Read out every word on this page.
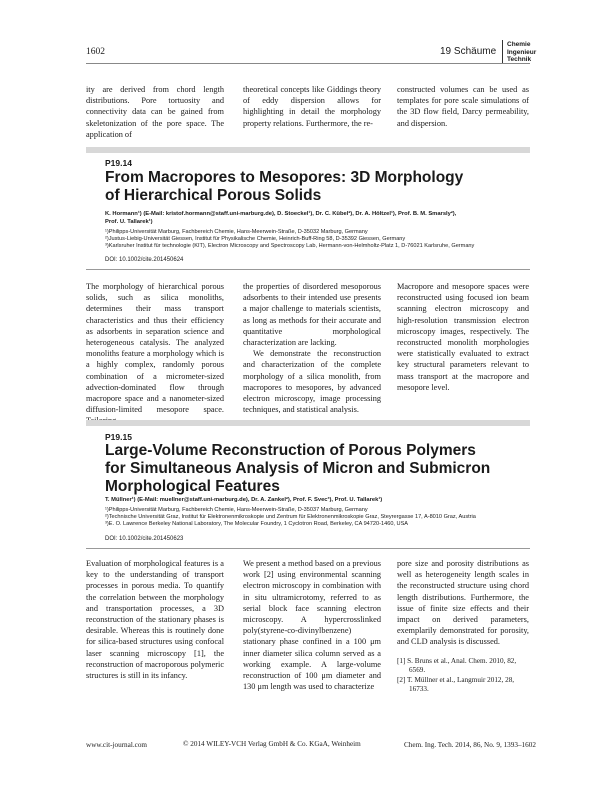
1602	19 Schäume
Chemie
Ingenieur
Technik
ity are derived from chord length distributions. Pore tortuosity and connectivity data can be gained from skeletonization of the pore space. The application of
theoretical concepts like Giddings theory of eddy dispersion allows for highlighting in detail the morphology property relations. Furthermore, the re-
constructed volumes can be used as templates for pore scale simulations of the 3D flow field, Darcy permeability, and dispersion.
P19.14
From Macropores to Mesopores: 3D Morphology
of Hierarchical Porous Solids
K. Hormann¹) (E-Mail: kristof.hormann@staff.uni-marburg.de), D. Stoeckel¹), Dr. C. Kübel²), Dr. A. Höltzel¹), Prof. B. M. Smarsly²),
Prof. U. Tallarek¹)
¹)Philipps-Universität Marburg, Fachbereich Chemie, Hans-Meerwein-Straße, D-35032 Marburg, Germany
²)Justus-Liebig-Universität Giessen, Institut für Physikalische Chemie, Heinrich-Buff-Ring 58, D-35392 Giessen, Germany
³)Karlsruher Institut für technologie (KIT), Electron Microscopy and Spectroscopy Lab, Hermann-von-Helmholtz-Platz 1, D-76021 Karlsruhe, Germany
DOI: 10.1002/cite.201450624

The morphology of hierarchical porous solids, such as silica monoliths, determines their mass transport characteristics and thus their efficiency as adsorbents in separation science and heterogeneous catalysis. The analyzed monoliths feature a morphology which is a highly complex, randomly porous combination of a micrometer-sized advection-dominated flow through macropore space and a nanometer-sized diffusion-limited mesopore space. Tailoring

the properties of disordered mesoporous adsorbents to their intended use presents a major challenge to materials scientists, as long as methods for their accurate and quantitative morphological characterization are lacking.

We demonstrate the reconstruction and characterization of the complete morphology of a silica monolith, from macropores to mesopores, by advanced electron microscopy, image processing techniques, and statistical analysis.

Macropore and mesopore spaces were reconstructed using focused ion beam scanning electron microscopy and high-resolution transmission electron microscopy images, respectively. The reconstructed monolith morphologies were statistically evaluated to extract key structural parameters relevant to mass transport at the macropore and mesopore level.

P19.15
Large-Volume Reconstruction of Porous Polymers
for Simultaneous Analysis of Micron and Submicron
Morphological Features
T. Müllner¹) (E-Mail: muellner@staff.uni-marburg.de), Dr. A. Zankel²), Prof. F. Svec³), Prof. U. Tallarek¹)
¹)Philipps-Universität Marburg, Fachbereich Chemie, Hans-Meerwein-Straße, D-35037 Marburg, Germany
²)Technische Universität Graz, Institut für Elektronenmikroskopie und Zentrum für Elektronenmikroskopie Graz, Steyrergasse 17, A-8010 Graz, Austria
³)E. O. Lawrence Berkeley National Laboratory, The Molecular Foundry, 1 Cyclotron Road, Berkeley, CA 94720-1460, USA
DOI: 10.1002/cite.201450623

Evaluation of morphological features is a key to the understanding of transport processes in porous media. To quantify the correlation between the morphology and transportation processes, a 3D reconstruction of the stationary phases is desirable. Whereas this is routinely done for silica-based structures using confocal laser scanning microscopy [1], the reconstruction of macroporous polymeric structures is still in its infancy.

We present a method based on a previous work [2] using environmental scanning electron microscopy in combination with in situ ultramicrotomy, referred to as serial block face scanning electron microscopy. A hypercrosslinked poly(styrene-co-divinylbenzene) stationary phase confined in a 100 μm inner diameter silica column served as a working example. A large-volume reconstruction of 100 μm diameter and 130 μm length was used to characterize

pore size and porosity distributions as well as heterogeneity length scales in the reconstructed structure using chord length distributions. Furthermore, the issue of finite size effects and their impact on derived parameters, exemplarily demonstrated for porosity, and CLD analysis is discussed.

[1] S. Bruns et al., Anal. Chem. 2010, 82, 6569.
[2] T. Müllner et al., Langmuir 2012, 28, 16733.
www.cit-journal.com	© 2014 WILEY-VCH Verlag GmbH & Co. KGaA, Weinheim	Chem. Ing. Tech. 2014, 86, No. 9, 1393–1602
